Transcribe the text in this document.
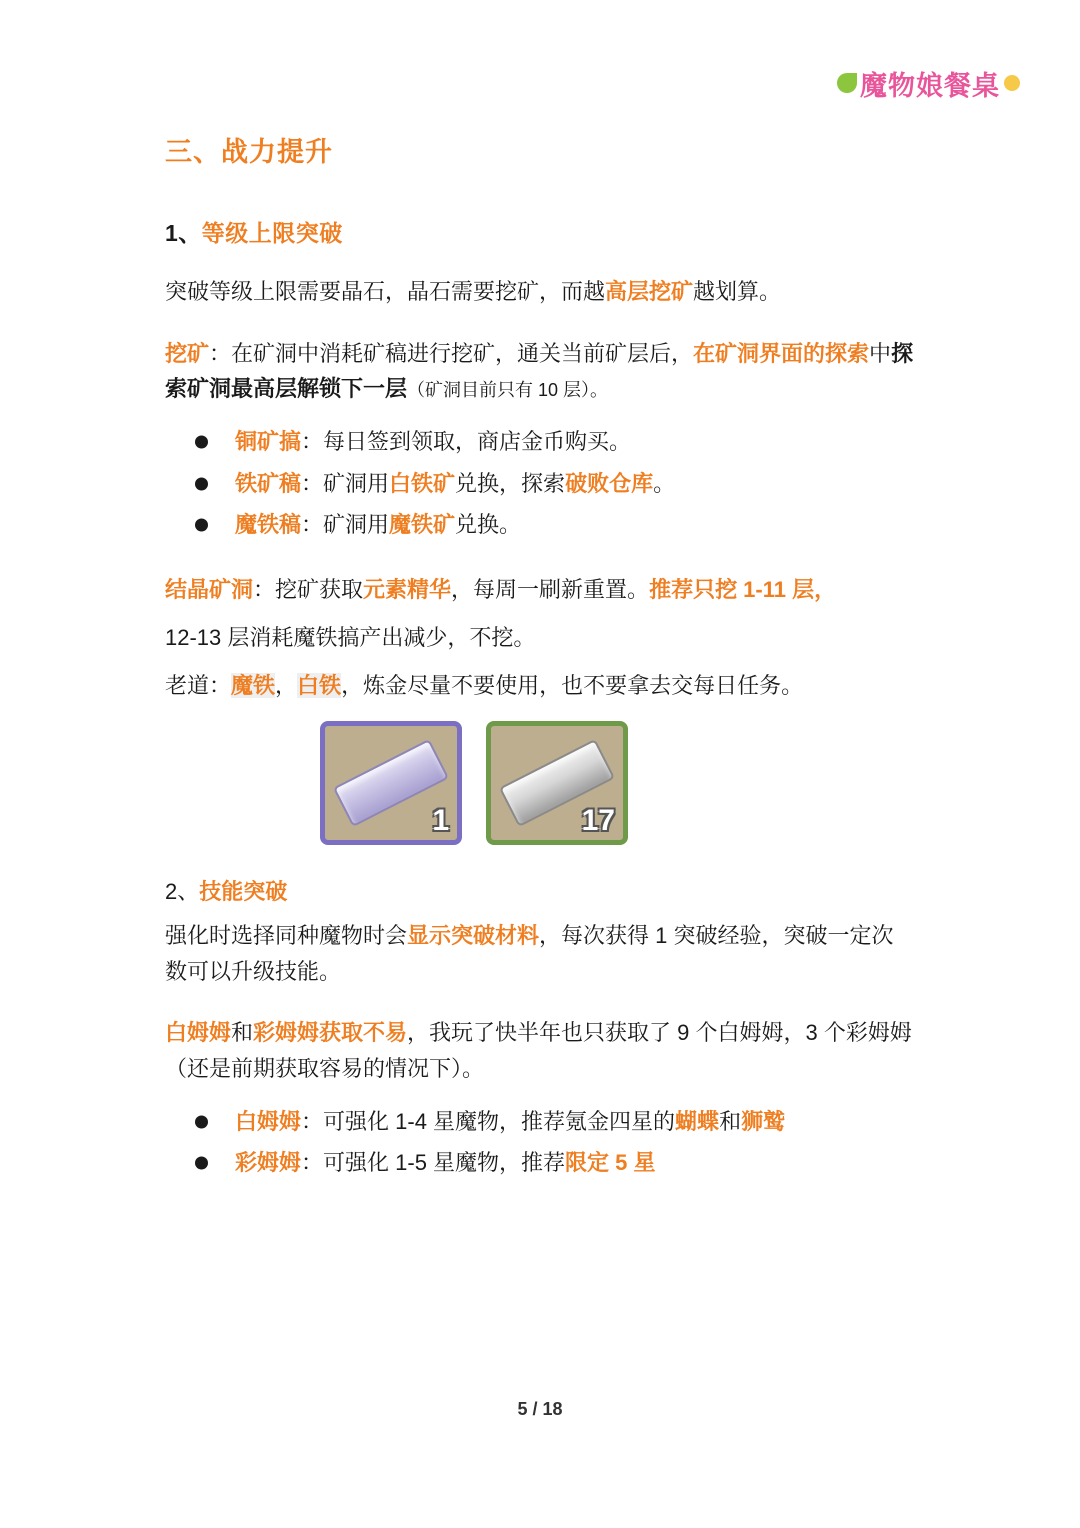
魔物娘餐桌
三、战力提升
1、等级上限突破

突破等级上限需要晶石，晶石需要挖矿，而越高层挖矿越划算。

挖矿：在矿洞中消耗矿稿进行挖矿，通关当前矿层后，在矿洞界面的探索中探索矿洞最高层解锁下一层（矿洞目前只有 10 层）。

铜矿搞：每日签到领取，商店金币购买。
铁矿稿：矿洞用白铁矿兑换，探索破败仓库。
魔铁稿：矿洞用魔铁矿兑换。

结晶矿洞：挖矿获取元素精华，每周一刷新重置。推荐只挖 1-11 层，

12-13 层消耗魔铁搞产出减少，不挖。

老道：魔铁，白铁，炼金尽量不要使用，也不要拿去交每日任务。

1	17
2、技能突破

强化时选择同种魔物时会显示突破材料，每次获得 1 突破经验，突破一定次数可以升级技能。

白姆姆和彩姆姆获取不易，我玩了快半年也只获取了 9 个白姆姆，3 个彩姆姆（还是前期获取容易的情况下）。

白姆姆：可强化 1-4 星魔物，推荐氪金四星的蝴蝶和狮鹫
彩姆姆：可强化 1-5 星魔物，推荐限定 5 星
5 / 18
